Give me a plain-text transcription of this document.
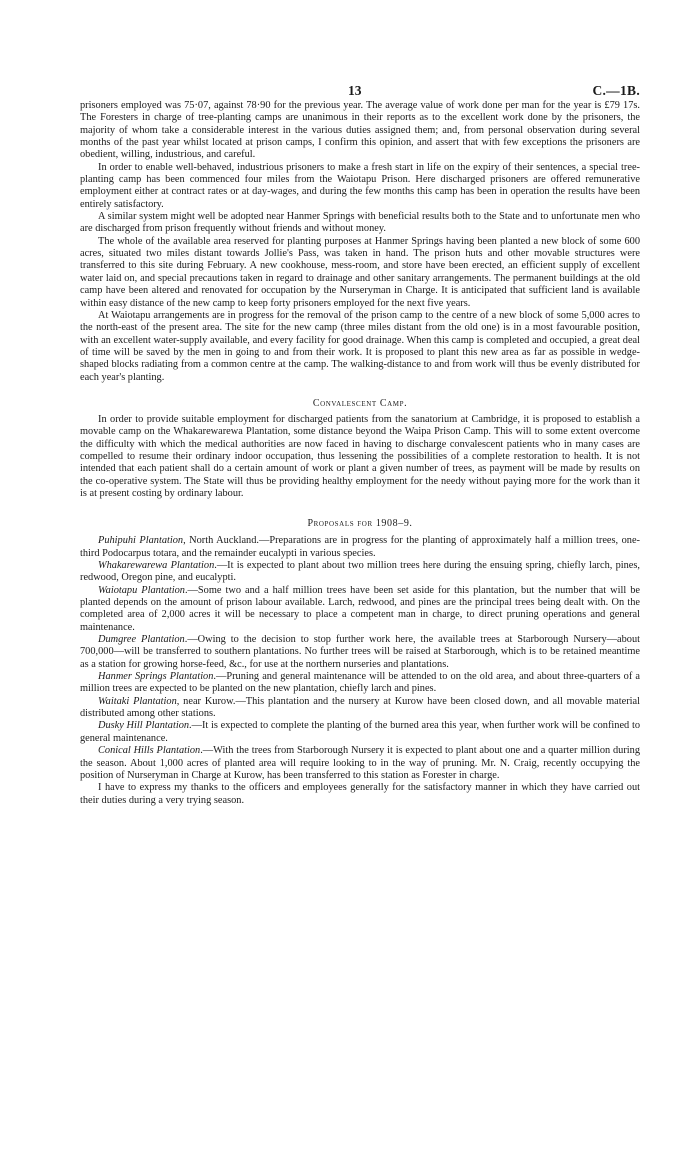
13	C.—1B.

prisoners employed was 75·07, against 78·90 for the previous year. The average value of work done per man for the year is £79 17s. The Foresters in charge of tree-planting camps are unanimous in their reports as to the excellent work done by the prisoners, the majority of whom take a considerable interest in the various duties assigned them; and, from personal observation during several months of the past year whilst located at prison camps, I confirm this opinion, and assert that with few exceptions the prisoners are obedient, willing, industrious, and careful.

In order to enable well-behaved, industrious prisoners to make a fresh start in life on the expiry of their sentences, a special tree-planting camp has been commenced four miles from the Waiotapu Prison. Here discharged prisoners are offered remunerative employment either at contract rates or at day-wages, and during the few months this camp has been in operation the results have been entirely satisfactory.

A similar system might well be adopted near Hanmer Springs with beneficial results both to the State and to unfortunate men who are discharged from prison frequently without friends and without money.

The whole of the available area reserved for planting purposes at Hanmer Springs having been planted a new block of some 600 acres, situated two miles distant towards Jollie's Pass, was taken in hand. The prison huts and other movable structures were transferred to this site during February. A new cookhouse, mess-room, and store have been erected, an efficient supply of excellent water laid on, and special precautions taken in regard to drainage and other sanitary arrangements. The permanent buildings at the old camp have been altered and renovated for occupation by the Nurseryman in Charge. It is anticipated that sufficient land is available within easy distance of the new camp to keep forty prisoners employed for the next five years.

At Waiotapu arrangements are in progress for the removal of the prison camp to the centre of a new block of some 5,000 acres to the north-east of the present area. The site for the new camp (three miles distant from the old one) is in a most favourable position, with an excellent water-supply available, and every facility for good drainage. When this camp is completed and occupied, a great deal of time will be saved by the men in going to and from their work. It is proposed to plant this new area as far as possible in wedge-shaped blocks radiating from a common centre at the camp. The walking-distance to and from work will thus be evenly distributed for each year's planting.

Convalescent Camp.

In order to provide suitable employment for discharged patients from the sanatorium at Cambridge, it is proposed to establish a movable camp on the Whakarewarewa Plantation, some distance beyond the Waipa Prison Camp. This will to some extent overcome the difficulty with which the medical authorities are now faced in having to discharge convalescent patients who in many cases are compelled to resume their ordinary indoor occupation, thus lessening the possibilities of a complete restoration to health. It is not intended that each patient shall do a certain amount of work or plant a given number of trees, as payment will be made by results on the co-operative system. The State will thus be providing healthy employment for the needy without paying more for the work than it is at present costing by ordinary labour.

Proposals for 1908–9.

Puhipuhi Plantation, North Auckland.—Preparations are in progress for the planting of approximately half a million trees, one-third Podocarpus totara, and the remainder eucalypti in various species.

Whakarewarewa Plantation.—It is expected to plant about two million trees here during the ensuing spring, chiefly larch, pines, redwood, Oregon pine, and eucalypti.

Waiotapu Plantation.—Some two and a half million trees have been set aside for this plantation, but the number that will be planted depends on the amount of prison labour available. Larch, redwood, and pines are the principal trees being dealt with. On the completed area of 2,000 acres it will be necessary to place a competent man in charge, to direct pruning operations and general maintenance.

Dumgree Plantation.—Owing to the decision to stop further work here, the available trees at Starborough Nursery—about 700,000—will be transferred to southern plantations. No further trees will be raised at Starborough, which is to be retained meantime as a station for growing horse-feed, &c., for use at the northern nurseries and plantations.

Hanmer Springs Plantation.—Pruning and general maintenance will be attended to on the old area, and about three-quarters of a million trees are expected to be planted on the new plantation, chiefly larch and pines.

Waitaki Plantation, near Kurow.—This plantation and the nursery at Kurow have been closed down, and all movable material distributed among other stations.

Dusky Hill Plantation.—It is expected to complete the planting of the burned area this year, when further work will be confined to general maintenance.

Conical Hills Plantation.—With the trees from Starborough Nursery it is expected to plant about one and a quarter million during the season. About 1,000 acres of planted area will require looking to in the way of pruning. Mr. N. Craig, recently occupying the position of Nurseryman in Charge at Kurow, has been transferred to this station as Forester in charge.

I have to express my thanks to the officers and employees generally for the satisfactory manner in which they have carried out their duties during a very trying season.
